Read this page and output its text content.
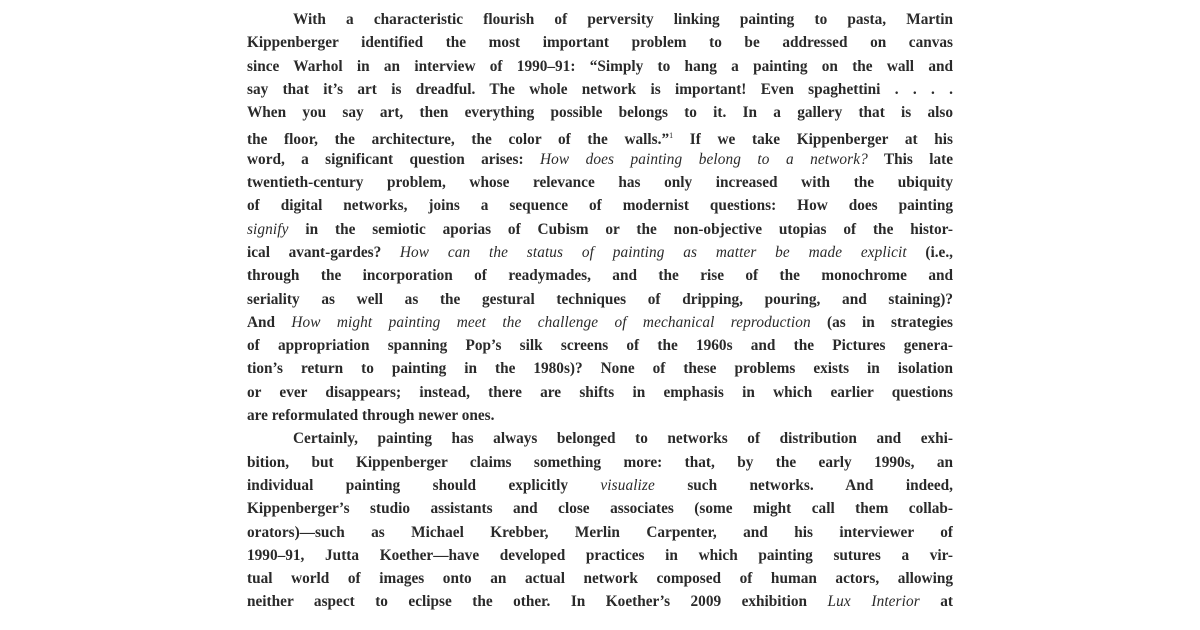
With a characteristic flourish of perversity linking painting to pasta, Martin
Kippenberger identified the most important problem to be addressed on canvas
since Warhol in an interview of 1990–91: “Simply to hang a painting on the wall and
say that it’s art is dreadful. The whole network is important! Even spaghettini . . . .
When you say art, then everything possible belongs to it. In a gallery that is also
the floor, the architecture, the color of the walls.”$^1$ If we take Kippenberger at his
word, a significant question arises: How does painting belong to a network? This late
twentieth-century problem, whose relevance has only increased with the ubiquity
of digital networks, joins a sequence of modernist questions: How does painting
signify in the semiotic aporias of Cubism or the non-objective utopias of the histor-
ical avant-gardes? How can the status of painting as matter be made explicit (i.e.,
through the incorporation of readymades, and the rise of the monochrome and
seriality as well as the gestural techniques of dripping, pouring, and staining)?
And How might painting meet the challenge of mechanical reproduction (as in strategies
of appropriation spanning Pop’s silk screens of the 1960s and the Pictures genera-
tion’s return to painting in the 1980s)? None of these problems exists in isolation
or ever disappears; instead, there are shifts in emphasis in which earlier questions
are reformulated through newer ones.
Certainly, painting has always belonged to networks of distribution and exhi-
bition, but Kippenberger claims something more: that, by the early 1990s, an
individual painting should explicitly visualize such networks. And indeed,
Kippenberger’s studio assistants and close associates (some might call them collab-
orators)—such as Michael Krebber, Merlin Carpenter, and his interviewer of
1990–91, Jutta Koether—have developed practices in which painting sutures a vir-
tual world of images onto an actual network composed of human actors, allowing
neither aspect to eclipse the other. In Koether’s 2009 exhibition Lux Interior at
